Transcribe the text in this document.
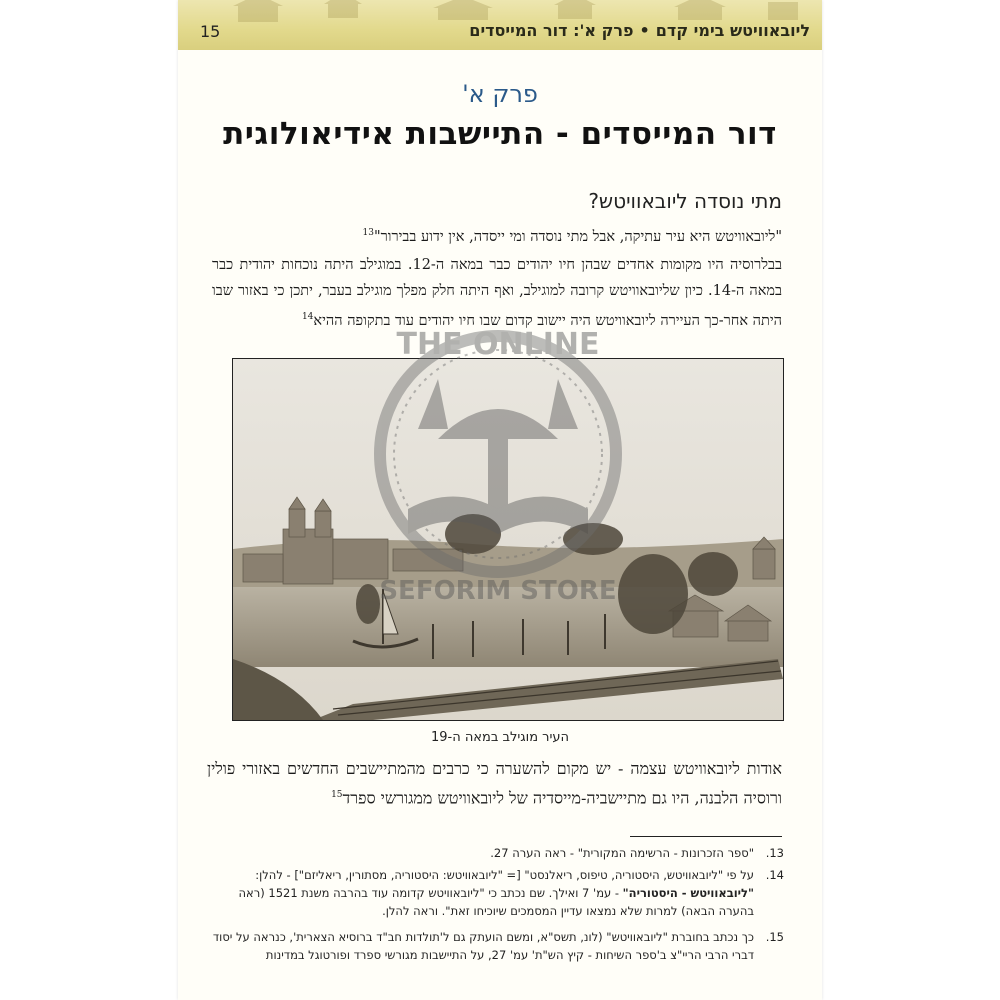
15	ליובאוויטש בימי קדם•פרק א': דור המייסדים
פרק א'
דור המייסדים - התיישבות אידיאולוגית
מתי נוסדה ליובאוויטש?
"ליובאוויטש היא עיר עתיקה, אבל מתי נוסדה ומי ייסדה, אין ידוע בבירור"$^{13}$
בבלרוסיה היו מקומות אחדים שבהן חיו יהודים כבר במאה ה-12. במוגילב היתה נוכחות יהודית כבר במאה ה-14. כיון שליובאוויטש קרובה למוגילב, ואף היתה חלק מפלך מוגילב בעבר, יתכן כי באזור שבו היתה אחר-כך העיירה ליובאוויטש היה יישוב קדום שבו חיו יהודים עוד בתקופה ההיא$^{14}$
THE ONLINE
SEFORIM STORE
העיר מוגילב במאה ה-19
אודות ליובאוויטש עצמה - יש מקום להשערה כי כרבים מהמתיישבים החדשים באזורי פולין ורוסיה הלבנה, היו גם מתיישביה-מייסדיה של ליובאוויטש ממגורשי ספרד$^{15}$
13.
"ספר הזכרונות - הרשימה המקורית" - ראה הערה 27.
14.
על פי "ליובאוויטש, היסטוריה, טיפוס, ריאלנסט" [= "ליובאוויטש: היסטוריה, מסתורין, ריאליזם"] - להלן: "ליובאוויטש - היסטוריה" - עמ' 7 ואילך. שם נכתב כי "ליובאוויטש קדומה עוד בהרבה משנת 1521 (ראה בהערה הבאה) למרות שלא נמצאו עדיין המסמכים שיוכיחו זאת". וראה להלן.
15.
כך נכתב בחוברת "ליובאוויטש" (לונ, תשס"א, ומשם הועתק גם ל'תולדות חב"ד ברוסיא הצארית', כנראה על יסוד דברי הרבי הריי"צ ב'ספר השיחות - קיץ הש"ת' עמ' 27, על התיישבות מגורשי ספרד ופורטוגל במדינות
